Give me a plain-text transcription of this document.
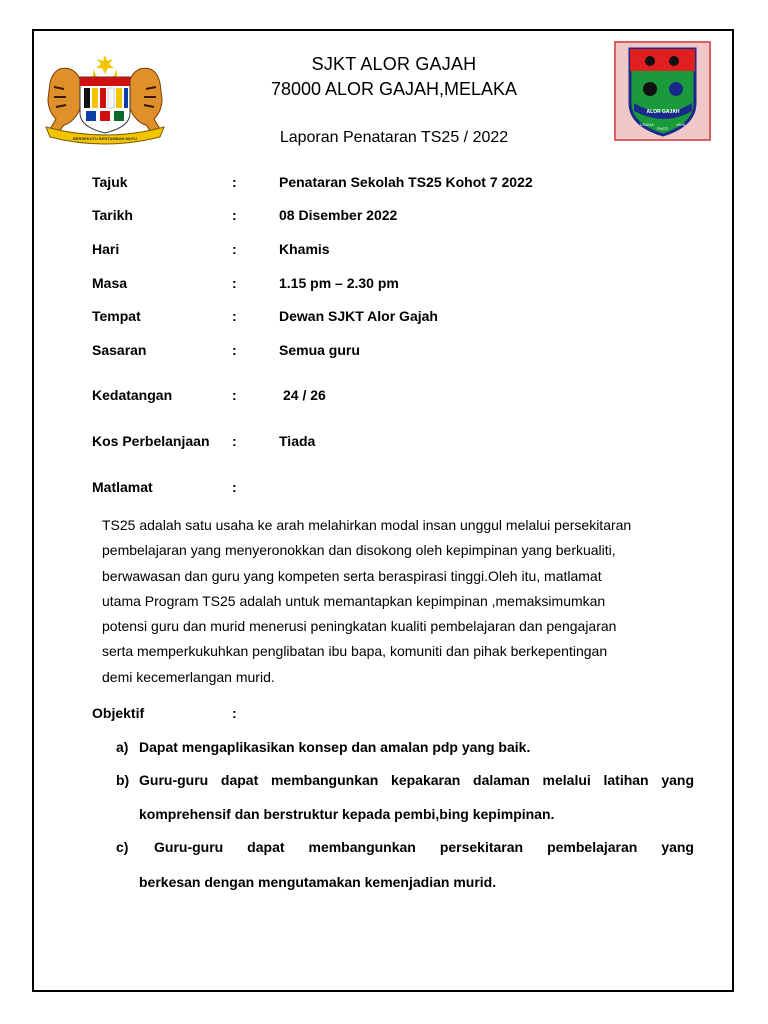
BERSEKUTU BERTAMBAH MUTU
ALOR GAJAH
USAHA
PASTI
JAYA
SJKT ALOR GAJAH
78000 ALOR GAJAH,MELAKA
Laporan Penataran TS25 / 2022
Tajuk	:	Penataran Sekolah TS25 Kohot 7 2022
Tarikh	:	08 Disember 2022
Hari	:	Khamis
Masa	:	1.15 pm – 2.30 pm
Tempat	:	Dewan SJKT Alor Gajah
Sasaran	:	Semua guru
Kedatangan	:	24 / 26
Kos Perbelanjaan :	Tiada
Matlamat	:
TS25 adalah satu usaha ke arah melahirkan modal insan unggul melalui persekitaran
pembelajaran yang menyeronokkan dan disokong oleh kepimpinan yang berkualiti,
berwawasan dan guru yang kompeten serta beraspirasi tinggi.Oleh itu, matlamat
utama Program TS25 adalah untuk memantapkan kepimpinan ,memaksimumkan
potensi guru dan murid menerusi peningkatan kualiti pembelajaran dan pengajaran
serta memperkukuhkan penglibatan ibu bapa, komuniti dan pihak berkepentingan
demi kecemerlangan murid.
Objektif	:
a) Dapat mengaplikasikan konsep dan amalan pdp yang baik.
b) Guru-guru dapat membangunkan kepakaran dalaman melalui latihan yang
komprehensif dan berstruktur kepada pembi,bing kepimpinan.
c) Guru-guru dapat membangunkan persekitaran pembelajaran yang
berkesan dengan mengutamakan kemenjadian murid.
